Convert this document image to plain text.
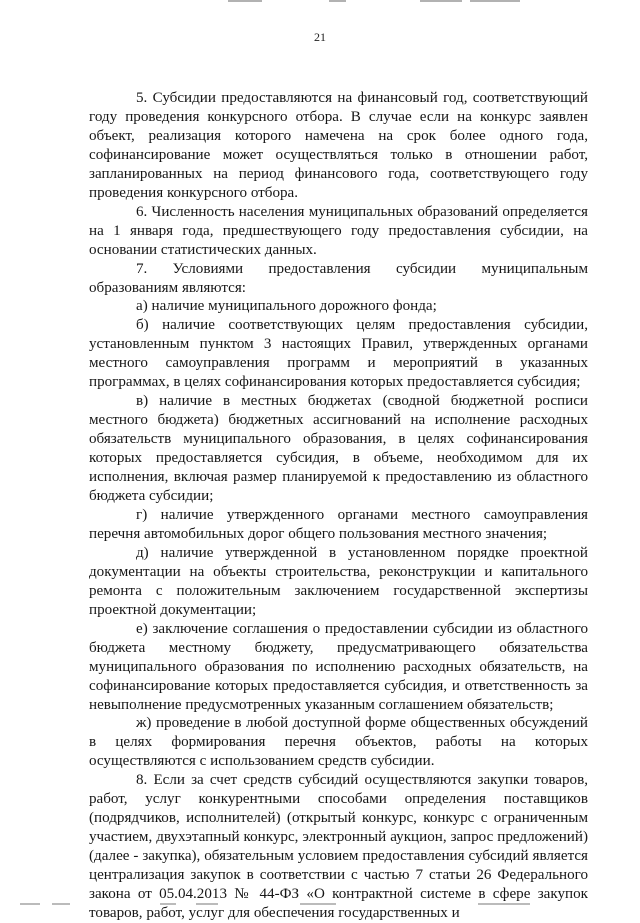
21

5. Субсидии предоставляются на финансовый год, соответствующий году проведения конкурсного отбора. В случае если на конкурс заявлен объект, реализация которого намечена на срок более одного года, софинансирование может осуществляться только в отношении работ, запланированных на период финансового года, соответствующего году проведения конкурсного отбора.

6. Численность населения муниципальных образований определяется на 1 января года, предшествующего году предоставления субсидии, на основании статистических данных.

7. Условиями предоставления субсидии муниципальным образованиям являются:

а) наличие муниципального дорожного фонда;

б) наличие соответствующих целям предоставления субсидии, установленным пунктом 3 настоящих Правил, утвержденных органами местного самоуправления программ и мероприятий в указанных программах, в целях софинансирования которых предоставляется субсидия;

в) наличие в местных бюджетах (сводной бюджетной росписи местного бюджета) бюджетных ассигнований на исполнение расходных обязательств муниципального образования, в целях софинансирования которых предоставляется субсидия, в объеме, необходимом для их исполнения, включая размер планируемой к предоставлению из областного бюджета субсидии;

г) наличие утвержденного органами местного самоуправления перечня автомобильных дорог общего пользования местного значения;

д) наличие утвержденной в установленном порядке проектной документации на объекты строительства, реконструкции и капитального ремонта с положительным заключением государственной экспертизы проектной документации;

е) заключение соглашения о предоставлении субсидии из областного бюджета местному бюджету, предусматривающего обязательства муниципального образования по исполнению расходных обязательств, на софинансирование которых предоставляется субсидия, и ответственность за невыполнение предусмотренных указанным соглашением обязательств;

ж) проведение в любой доступной форме общественных обсуждений в целях формирования перечня объектов, работы на которых осуществляются с использованием средств субсидии.

8. Если за счет средств субсидий осуществляются закупки товаров, работ, услуг конкурентными способами определения поставщиков (подрядчиков, исполнителей) (открытый конкурс, конкурс с ограниченным участием, двухэтапный конкурс, электронный аукцион, запрос предложений) (далее - закупка), обязательным условием предоставления субсидий является централизация закупок в соответствии с частью 7 статьи 26 Федерального закона от 05.04.2013 № 44-ФЗ «О контрактной системе в сфере закупок товаров, работ, услуг для обеспечения государственных и
